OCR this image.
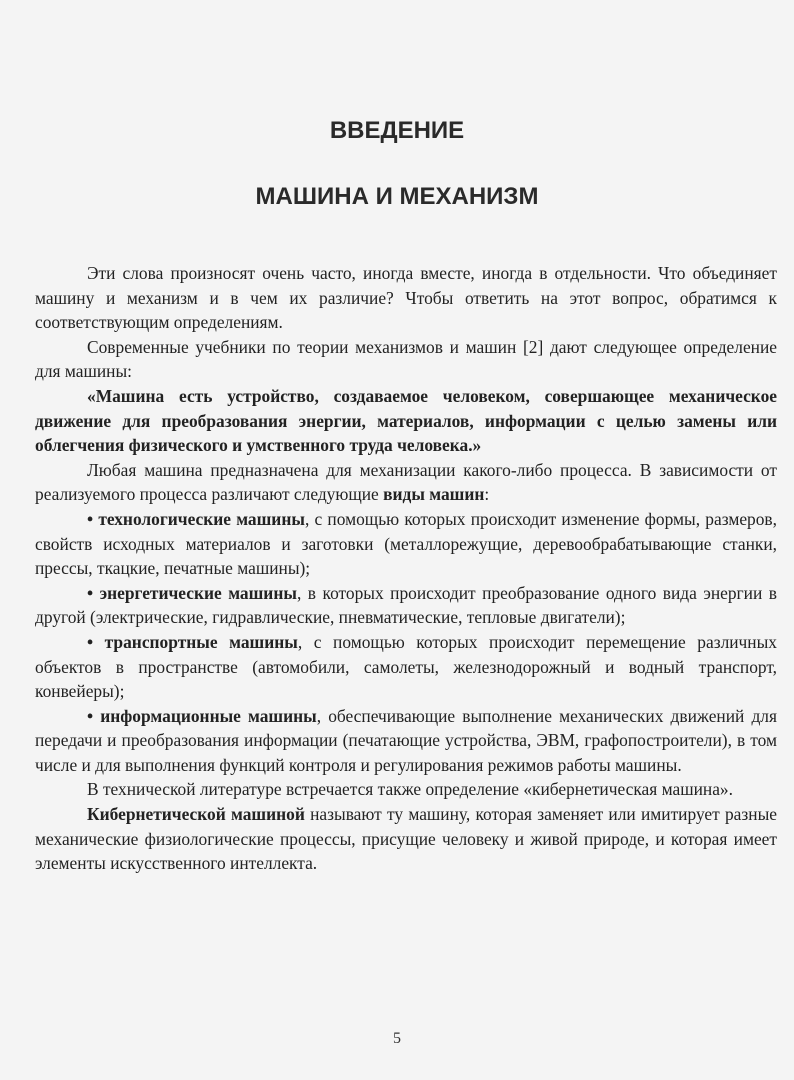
ВВЕДЕНИЕ
МАШИНА И МЕХАНИЗМ

Эти слова произносят очень часто, иногда вместе, иногда в отдельности. Что объединяет машину и механизм и в чем их различие? Чтобы ответить на этот вопрос, обратимся к соответствующим определениям.

Современные учебники по теории механизмов и машин [2] дают следующее определение для машины:

«Машина есть устройство, создаваемое человеком, совершающее механическое движение для преобразования энергии, материалов, информации с целью замены или облегчения физического и умственного труда человека.»

Любая машина предназначена для механизации какого-либо процесса. В зависимости от реализуемого процесса различают следующие виды машин:

• технологические машины, с помощью которых происходит изменение формы, размеров, свойств исходных материалов и заготовки (металлорежущие, деревообрабатывающие станки, прессы, ткацкие, печатные машины);

• энергетические машины, в которых происходит преобразование одного вида энергии в другой (электрические, гидравлические, пневматические, тепловые двигатели);

• транспортные машины, с помощью которых происходит перемещение различных объектов в пространстве (автомобили, самолеты, железнодорожный и водный транспорт, конвейеры);

• информационные машины, обеспечивающие выполнение механических движений для передачи и преобразования информации (печатающие устройства, ЭВМ, графопостроители), в том числе и для выполнения функций контроля и регулирования режимов работы машины.

В технической литературе встречается также определение «кибернетическая машина».

Кибернетической машиной называют ту машину, которая заменяет или имитирует разные механические физиологические процессы, присущие человеку и живой природе, и которая имеет элементы искусственного интеллекта.

5
